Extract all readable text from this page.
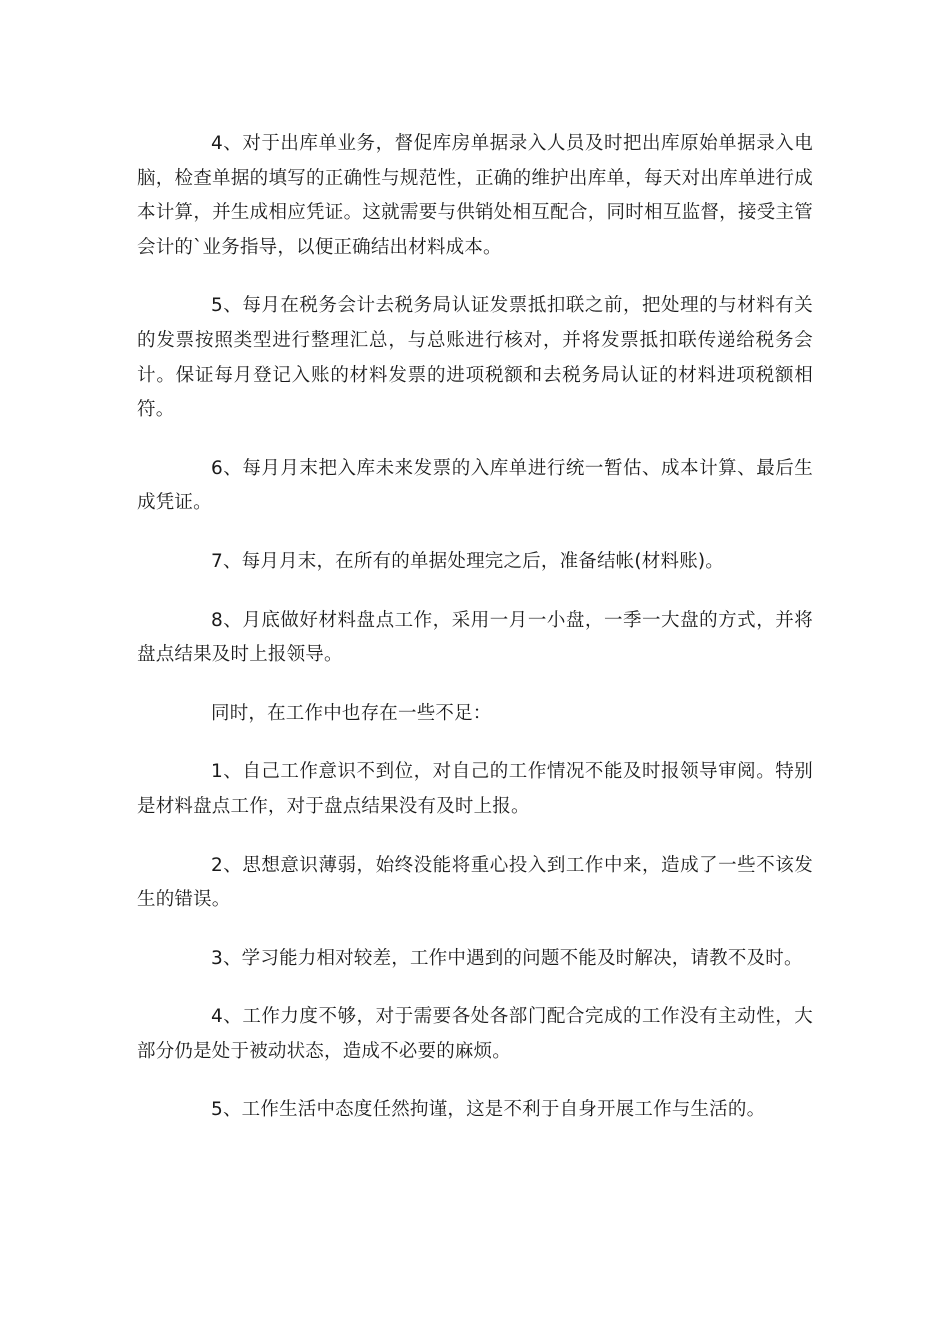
4、对于出库单业务，督促库房单据录入人员及时把出库原始单据录入电脑，检查单据的填写的正确性与规范性，正确的维护出库单，每天对出库单进行成本计算，并生成相应凭证。这就需要与供销处相互配合，同时相互监督，接受主管会计的`业务指导，以便正确结出材料成本。

5、每月在税务会计去税务局认证发票抵扣联之前，把处理的与材料有关的发票按照类型进行整理汇总，与总账进行核对，并将发票抵扣联传递给税务会计。保证每月登记入账的材料发票的进项税额和去税务局认证的材料进项税额相符。

6、每月月末把入库未来发票的入库单进行统一暂估、成本计算、最后生成凭证。

7、每月月末，在所有的单据处理完之后，准备结帐(材料账)。

8、月底做好材料盘点工作，采用一月一小盘，一季一大盘的方式，并将盘点结果及时上报领导。

同时，在工作中也存在一些不足：

1、自己工作意识不到位，对自己的工作情况不能及时报领导审阅。特别是材料盘点工作，对于盘点结果没有及时上报。

2、思想意识薄弱，始终没能将重心投入到工作中来，造成了一些不该发生的错误。

3、学习能力相对较差，工作中遇到的问题不能及时解决，请教不及时。

4、工作力度不够，对于需要各处各部门配合完成的工作没有主动性，大部分仍是处于被动状态，造成不必要的麻烦。

5、工作生活中态度任然拘谨，这是不利于自身开展工作与生活的。
